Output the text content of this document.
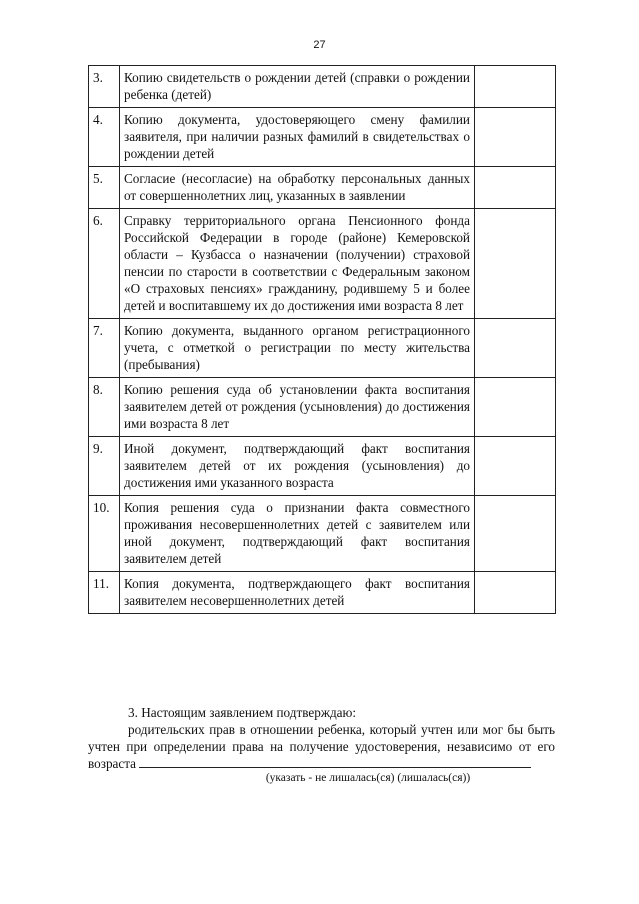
27
3.	Копию свидетельств о рождении детей (справки о рождении ребенка (детей)	
4.	Копию документа, удостоверяющего смену фамилии заявителя, при наличии разных фамилий в свидетельствах о рождении детей	
5.	Согласие (несогласие) на обработку персональных данных от совершеннолетних лиц, указанных в заявлении	
6.	Справку территориального органа Пенсионного фонда Российской Федерации в городе (районе) Кемеровской области – Кузбасса о назначении (получении) страховой пенсии по старости в соответствии с Федеральным законом «О страховых пенсиях» гражданину, родившему 5 и более детей и воспитавшему их до достижения ими возраста 8 лет	
7.	Копию документа, выданного органом регистрационного учета, с отметкой о регистрации по месту жительства (пребывания)	
8.	Копию решения суда об установлении факта воспитания заявителем детей от рождения (усыновления) до достижения ими возраста 8 лет	
9.	Иной документ, подтверждающий факт воспитания заявителем детей от их рождения (усыновления) до достижения ими указанного возраста	
10.	Копия решения суда о признании факта совместного проживания несовершеннолетних детей с заявителем или иной документ, подтверждающий факт воспитания заявителем детей	
11.	Копия документа, подтверждающего факт воспитания заявителем несовершеннолетних детей	
3. Настоящим заявлением подтверждаю:
родительских прав в отношении ребенка, который учтен или мог бы быть учтен при определении права на получение удостоверения, независимо от его возраста
(указать - не лишалась(ся) (лишалась(ся))
